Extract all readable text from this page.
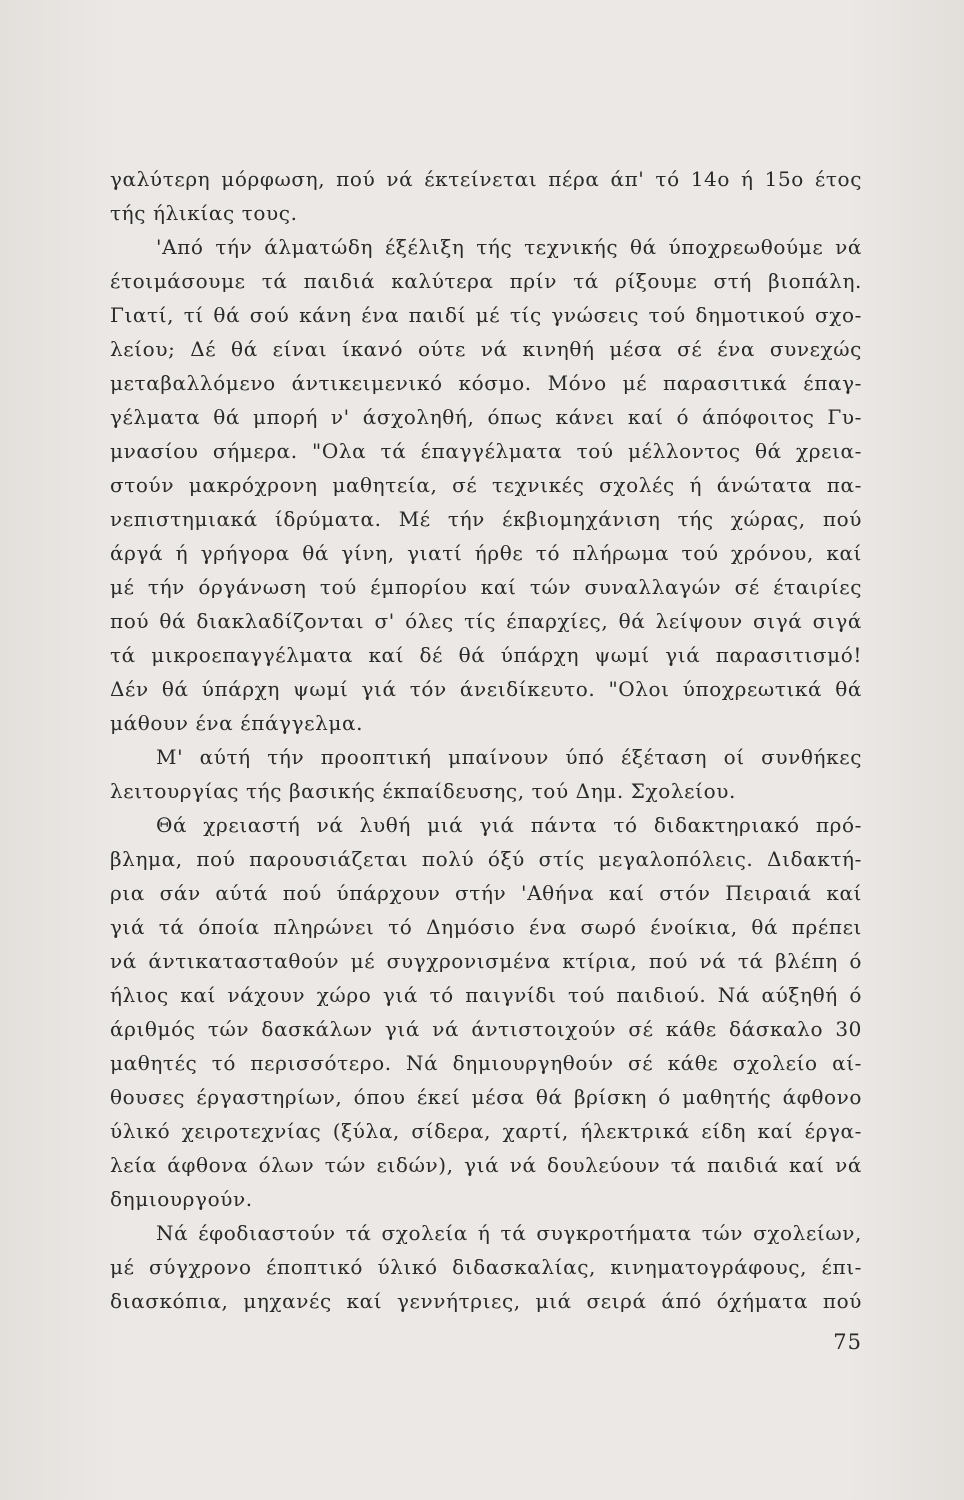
γαλύτερη μόρφωση, πού νά έκτείνεται πέρα άπ' τό 14ο ή 15ο έτος
τής ήλικίας τους.
'Από τήν άλματώδη έξέλιξη τής τεχνικής θά ύποχρεωθούμε νά
έτοιμάσουμε τά παιδιά καλύτερα πρίν τά ρίξουμε στή βιοπάλη.
Γιατί, τί θά σού κάνη ένα παιδί μέ τίς γνώσεις τού δημοτικού σχο-
λείου; Δέ θά είναι ίκανό ούτε νά κινηθή μέσα σέ ένα συνεχώς
μεταβαλλόμενο άντικειμενικό κόσμο. Μόνο μέ παρασιτικά έπαγ-
γέλματα θά μπορή ν' άσχοληθή, όπως κάνει καί ό άπόφοιτος Γυ-
μνασίου σήμερα. "Ολα τά έπαγγέλματα τού μέλλοντος θά χρεια-
στούν μακρόχρονη μαθητεία, σέ τεχνικές σχολές ή άνώτατα πα-
νεπιστημιακά ίδρύματα. Μέ τήν έκβιομηχάνιση τής χώρας, πού
άργά ή γρήγορα θά γίνη, γιατί ήρθε τό πλήρωμα τού χρόνου, καί
μέ τήν όργάνωση τού έμπορίου καί τών συναλλαγών σέ έταιρίες
πού θά διακλαδίζονται σ' όλες τίς έπαρχίες, θά λείψουν σιγά σιγά
τά μικροεπαγγέλματα καί δέ θά ύπάρχη ψωμί γιά παρασιτισμό!
Δέν θά ύπάρχη ψωμί γιά τόν άνειδίκευτο. "Ολοι ύποχρεωτικά θά
μάθουν ένα έπάγγελμα.
Μ' αύτή τήν προοπτική μπαίνουν ύπό έξέταση οί συνθήκες
λειτουργίας τής βασικής έκπαίδευσης, τού Δημ. Σχολείου.
Θά χρειαστή νά λυθή μιά γιά πάντα τό διδακτηριακό πρό-
βλημα, πού παρουσιάζεται πολύ όξύ στίς μεγαλοπόλεις. Διδακτή-
ρια σάν αύτά πού ύπάρχουν στήν 'Αθήνα καί στόν Πειραιά καί
γιά τά όποία πληρώνει τό Δημόσιο ένα σωρό ένοίκια, θά πρέπει
νά άντικατασταθούν μέ συγχρονισμένα κτίρια, πού νά τά βλέπη ό
ήλιος καί νάχουν χώρο γιά τό παιγνίδι τού παιδιού. Νά αύξηθή ό
άριθμός τών δασκάλων γιά νά άντιστοιχούν σέ κάθε δάσκαλο 30
μαθητές τό περισσότερο. Νά δημιουργηθούν σέ κάθε σχολείο αί-
θουσες έργαστηρίων, όπου έκεί μέσα θά βρίσκη ό μαθητής άφθονο
ύλικό χειροτεχνίας (ξύλα, σίδερα, χαρτί, ήλεκτρικά είδη καί έργα-
λεία άφθονα όλων τών ειδών), γιά νά δουλεύουν τά παιδιά καί νά
δημιουργούν.
Νά έφοδιαστούν τά σχολεία ή τά συγκροτήματα τών σχολείων,
μέ σύγχρονο έποπτικό ύλικό διδασκαλίας, κινηματογράφους, έπι-
διασκόπια, μηχανές καί γεννήτριες, μιά σειρά άπό όχήματα πού
75
